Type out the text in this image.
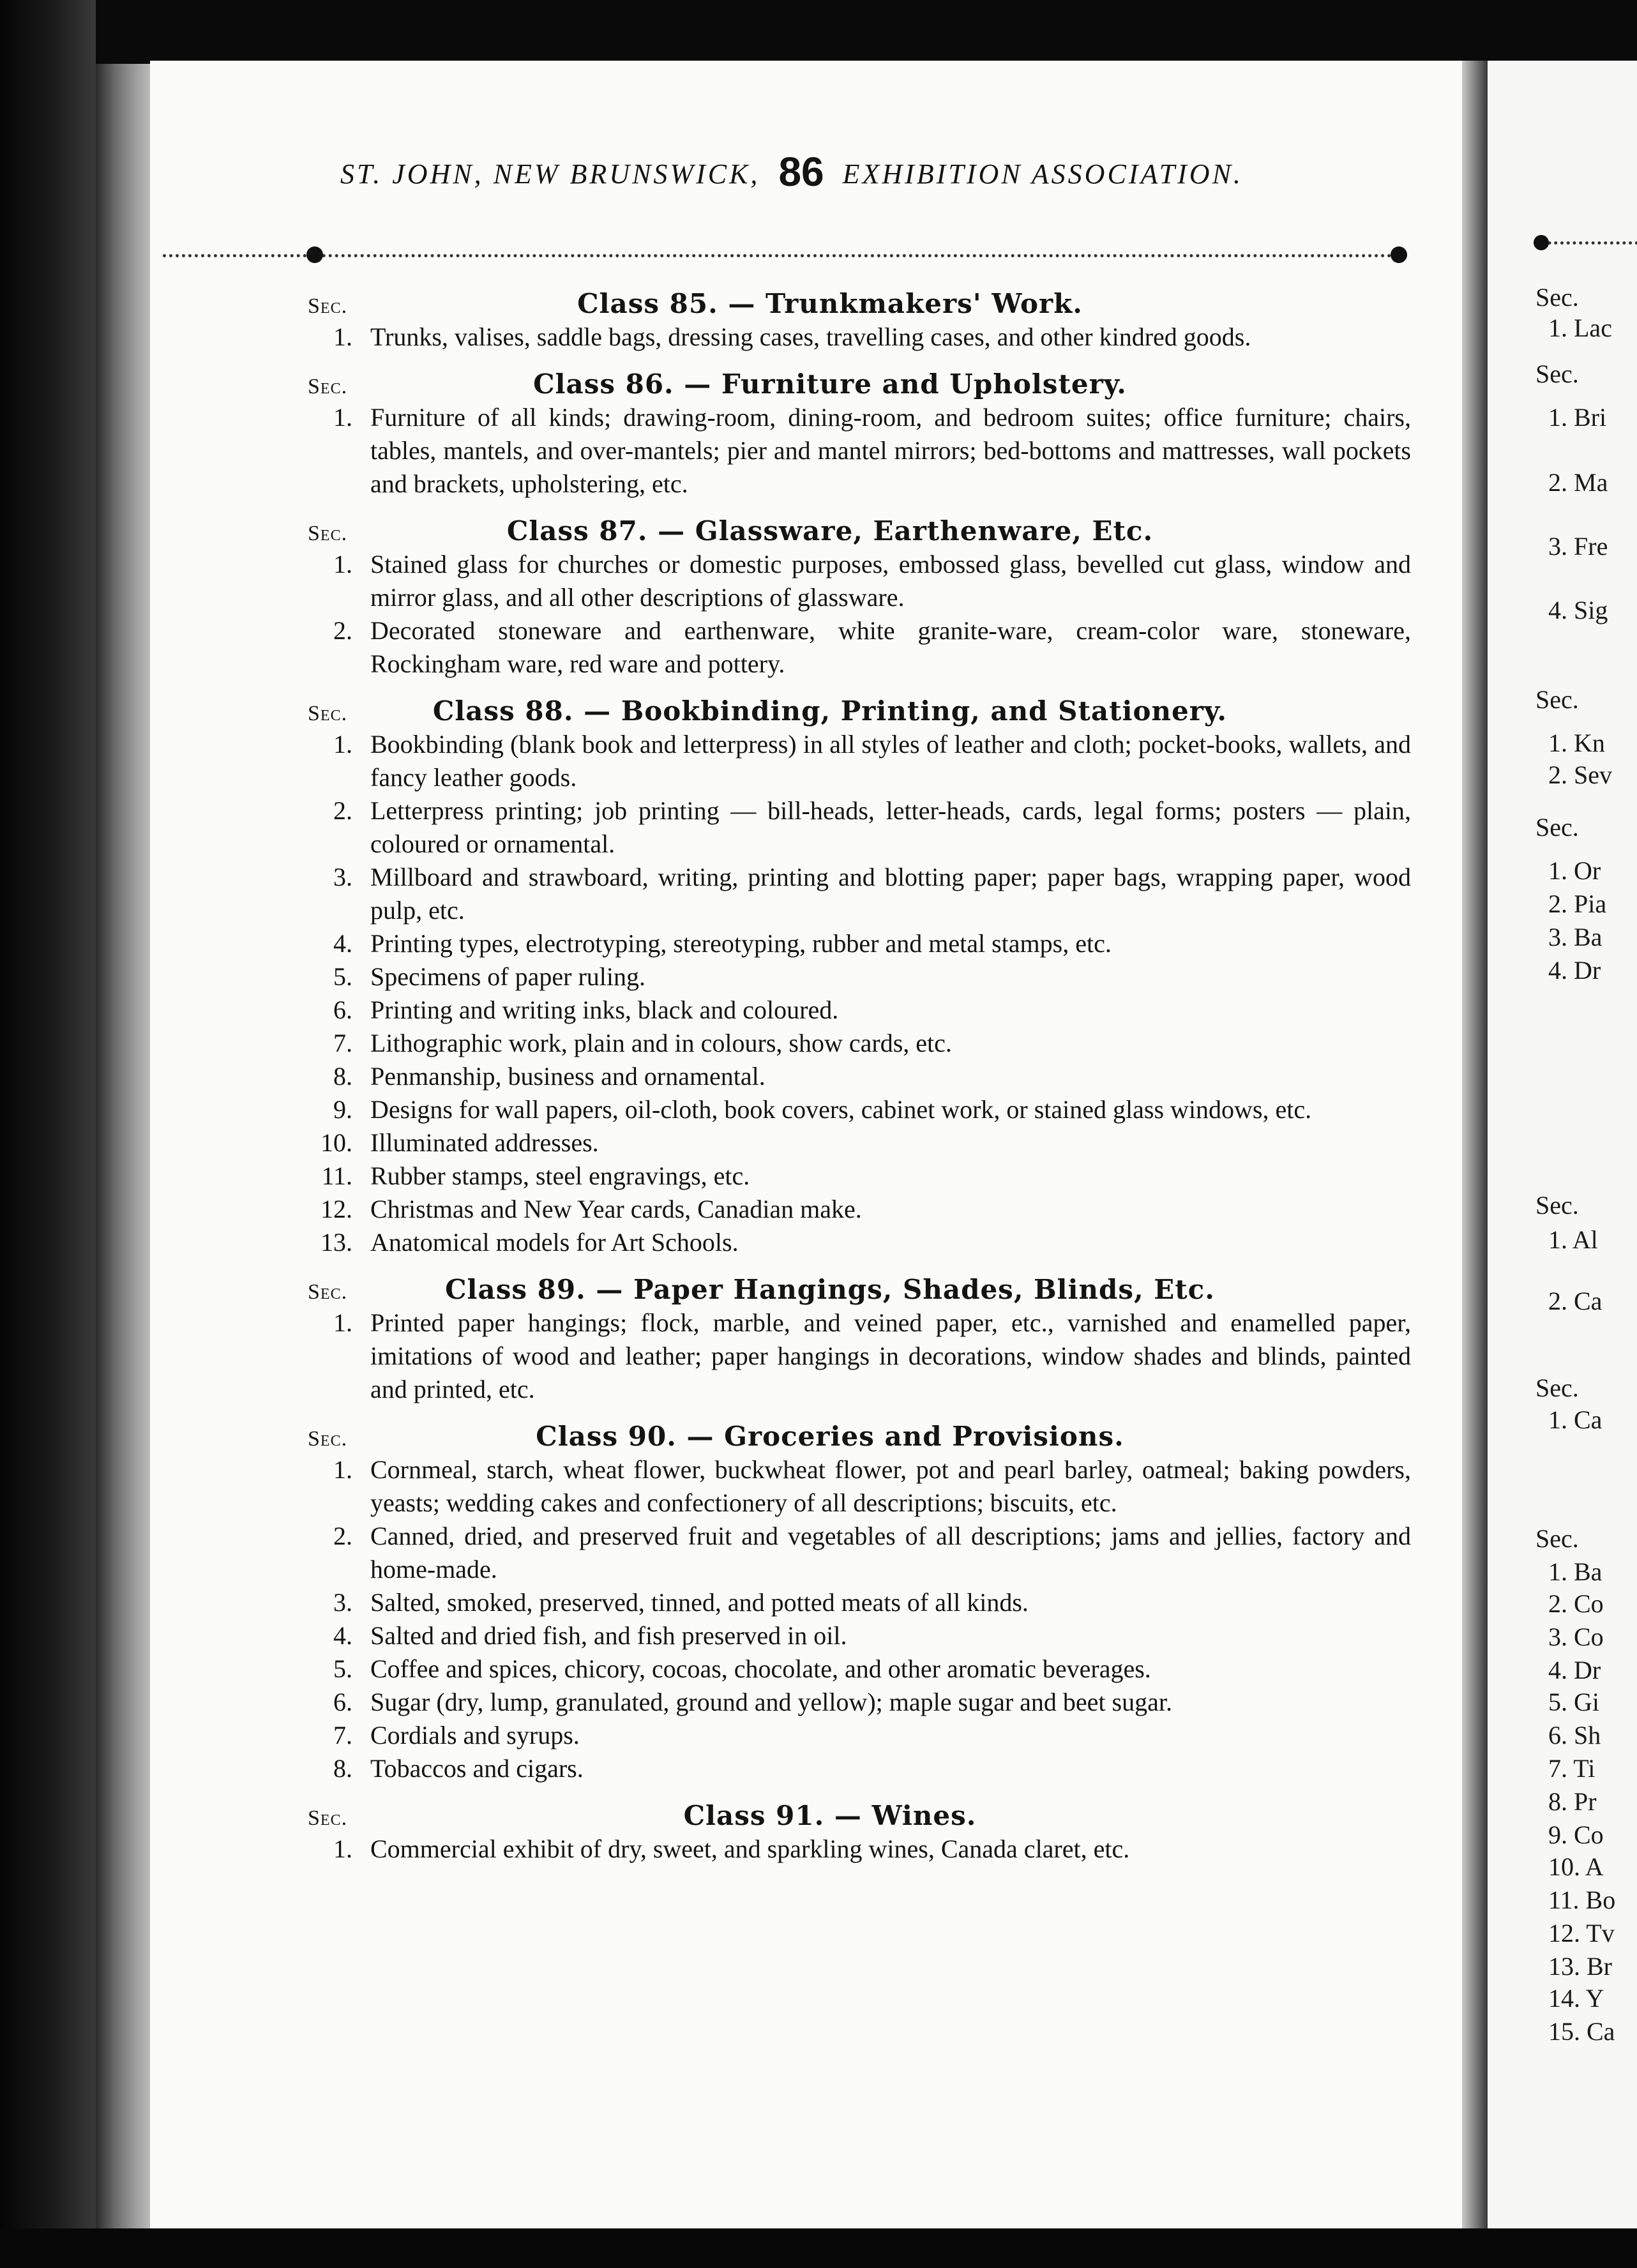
ST. JOHN, NEW BRUNSWICK, 86 EXHIBITION ASSOCIATION.
Sec.	Class 85. — Trunkmakers' Work.
1. Trunks, valises, saddle bags, dressing cases, travelling cases, and other kindred goods.
Sec.	Class 86. — Furniture and Upholstery.
1. Furniture of all kinds; drawing-room, dining-room, and bedroom suites; office furniture; chairs, tables, mantels, and over-mantels; pier and mantel mirrors; bed-bottoms and mattresses, wall pockets and brackets, upholstering, etc.
Sec.	Class 87. — Glassware, Earthenware, Etc.
1. Stained glass for churches or domestic purposes, embossed glass, bevelled cut glass, window and mirror glass, and all other descriptions of glassware.
2. Decorated stoneware and earthenware, white granite-ware, cream-color ware, stoneware, Rockingham ware, red ware and pottery.
Sec.	Class 88. — Bookbinding, Printing, and Stationery.
1. Bookbinding (blank book and letterpress) in all styles of leather and cloth; pocket-books, wallets, and fancy leather goods.
2. Letterpress printing; job printing — bill-heads, letter-heads, cards, legal forms; posters — plain, coloured or ornamental.
3. Millboard and strawboard, writing, printing and blotting paper; paper bags, wrapping paper, wood pulp, etc.
4. Printing types, electrotyping, stereotyping, rubber and metal stamps, etc.
5. Specimens of paper ruling.
6. Printing and writing inks, black and coloured.
7. Lithographic work, plain and in colours, show cards, etc.
8. Penmanship, business and ornamental.
9. Designs for wall papers, oil-cloth, book covers, cabinet work, or stained glass windows, etc.
10. Illuminated addresses.
11. Rubber stamps, steel engravings, etc.
12. Christmas and New Year cards, Canadian make.
13. Anatomical models for Art Schools.
Sec.	Class 89. — Paper Hangings, Shades, Blinds, Etc.
1. Printed paper hangings; flock, marble, and veined paper, etc., varnished and enamelled paper, imitations of wood and leather; paper hangings in decorations, window shades and blinds, painted and printed, etc.
Sec.	Class 90. — Groceries and Provisions.
1. Cornmeal, starch, wheat flower, buckwheat flower, pot and pearl barley, oatmeal; baking powders, yeasts; wedding cakes and confectionery of all descriptions; biscuits, etc.
2. Canned, dried, and preserved fruit and vegetables of all descriptions; jams and jellies, factory and home-made.
3. Salted, smoked, preserved, tinned, and potted meats of all kinds.
4. Salted and dried fish, and fish preserved in oil.
5. Coffee and spices, chicory, cocoas, chocolate, and other aromatic beverages.
6. Sugar (dry, lump, granulated, ground and yellow); maple sugar and beet sugar.
7. Cordials and syrups.
8. Tobaccos and cigars.
Sec.	Class 91. — Wines.
1. Commercial exhibit of dry, sweet, and sparkling wines, Canada claret, etc.
Sec.
1. Lac
Sec.
1. Bri
2. Ma
3. Fre
4. Sig
Sec.
1. Kn
2. Sev
Sec.
1. Or
2. Pia
3. Ba
4. Dr
Sec.
1. Al
2. Ca
Sec.
1. Ca
Sec.
1. Ba
2. Co
3. Co
4. Dr
5. Gi
6. Sh
7. Ti
8. Pr
9. Co
10. A
11. Bo
12. Tv
13. Br
14. Y
15. Ca
